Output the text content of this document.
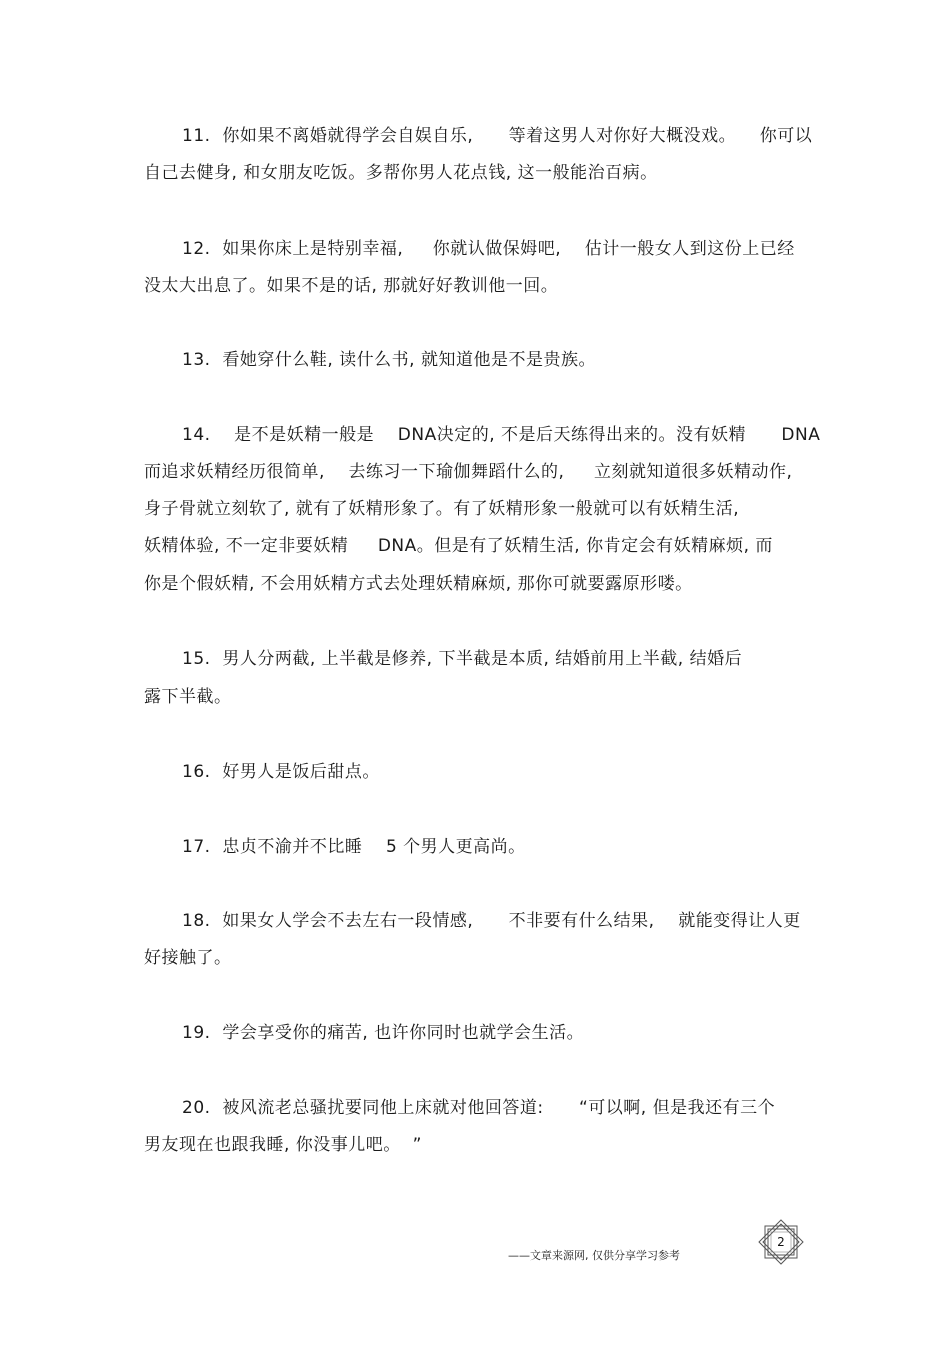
11.  你如果不离婚就得学会自娱自乐,      等着这男人对你好大概没戏。    你可以
自己去健身, 和女朋友吃饭。多帮你男人花点钱, 这一般能治百病。
12.  如果你床上是特别幸福,     你就认做保姆吧,    估计一般女人到这份上已经
没太大出息了。如果不是的话, 那就好好教训他一回。
13.  看她穿什么鞋, 读什么书, 就知道他是不是贵族。
14.    是不是妖精一般是    DNA决定的, 不是后天练得出来的。没有妖精      DNA
而追求妖精经历很简单,    去练习一下瑜伽舞蹈什么的,     立刻就知道很多妖精动作,
身子骨就立刻软了, 就有了妖精形象了。有了妖精形象一般就可以有妖精生活,
妖精体验, 不一定非要妖精     DNA。但是有了妖精生活, 你肯定会有妖精麻烦, 而
你是个假妖精, 不会用妖精方式去处理妖精麻烦, 那你可就要露原形喽。
15.  男人分两截, 上半截是修养, 下半截是本质, 结婚前用上半截, 结婚后
露下半截。
16.  好男人是饭后甜点。
17.  忠贞不渝并不比睡    5 个男人更高尚。
18.  如果女人学会不去左右一段情感,      不非要有什么结果,    就能变得让人更
好接触了。
19.  学会享受你的痛苦, 也许你同时也就学会生活。
20.  被风流老总骚扰要同他上床就对他回答道:      “可以啊, 但是我还有三个
男友现在也跟我睡, 你没事儿吧。  ”
——文章来源网, 仅供分享学习参考
2
